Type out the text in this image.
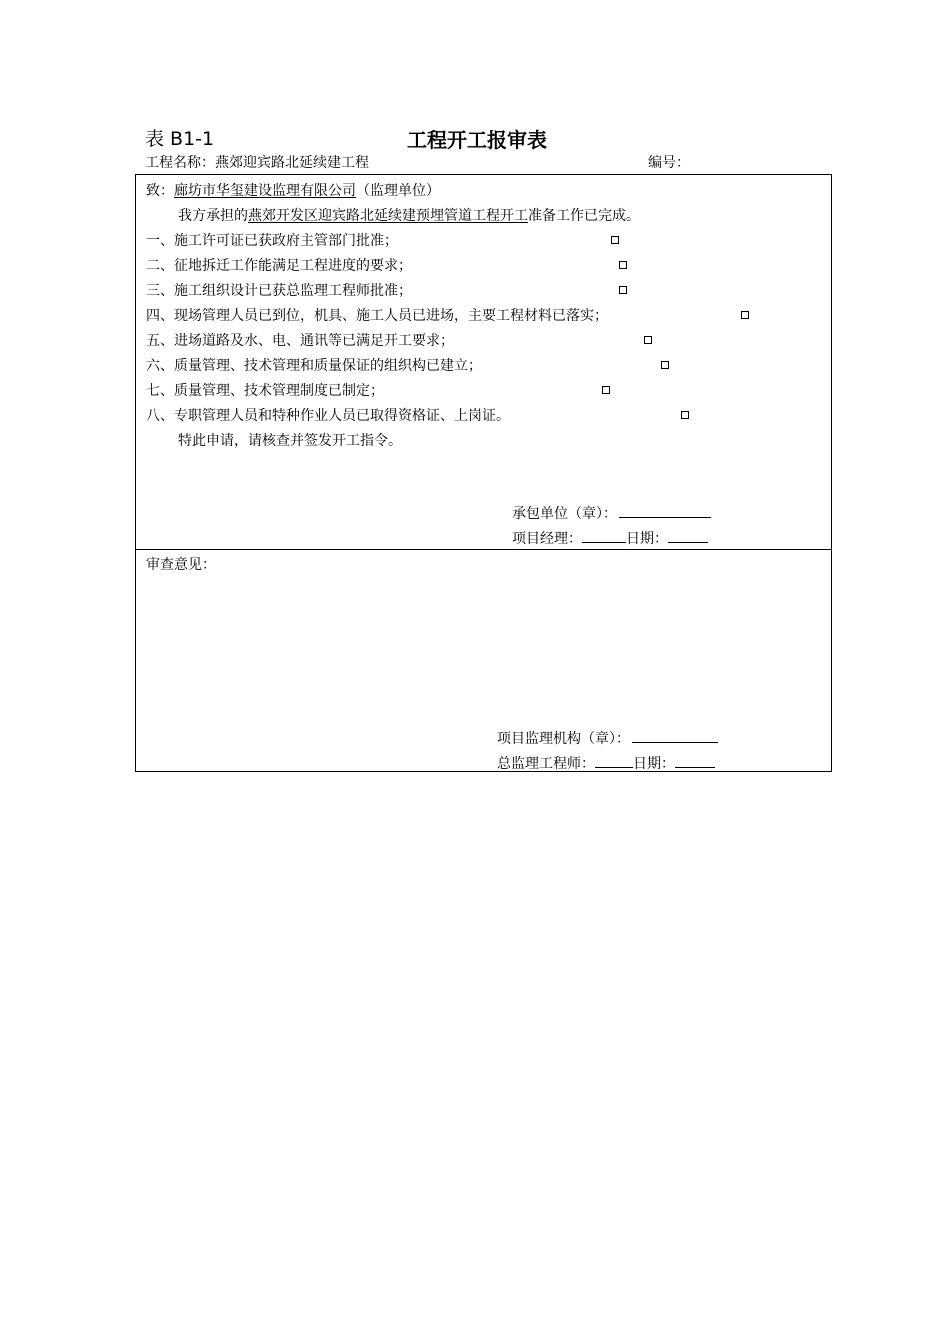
表 B1-1	工程开工报审表
工程名称：燕郊迎宾路北延续建工程	编号：
致：廊坊市华玺建设监理有限公司（监理单位）
我方承担的燕郊开发区迎宾路北延续建预埋管道工程开工准备工作已完成。
一、施工许可证已获政府主管部门批准；
二、征地拆迁工作能满足工程进度的要求；
三、施工组织设计已获总监理工程师批准；
四、现场管理人员已到位，机具、施工人员已进场，主要工程材料已落实；
五、进场道路及水、电、通讯等已满足开工要求；
六、质量管理、技术管理和质量保证的组织构已建立；
七、质量管理、技术管理制度已制定；
八、专职管理人员和特种作业人员已取得资格证、上岗证。
特此申请，请核查并签发开工指令。
承包单位（章）：
项目经理：	日期：
审查意见：
项目监理机构（章）：
总监理工程师：	日期：
